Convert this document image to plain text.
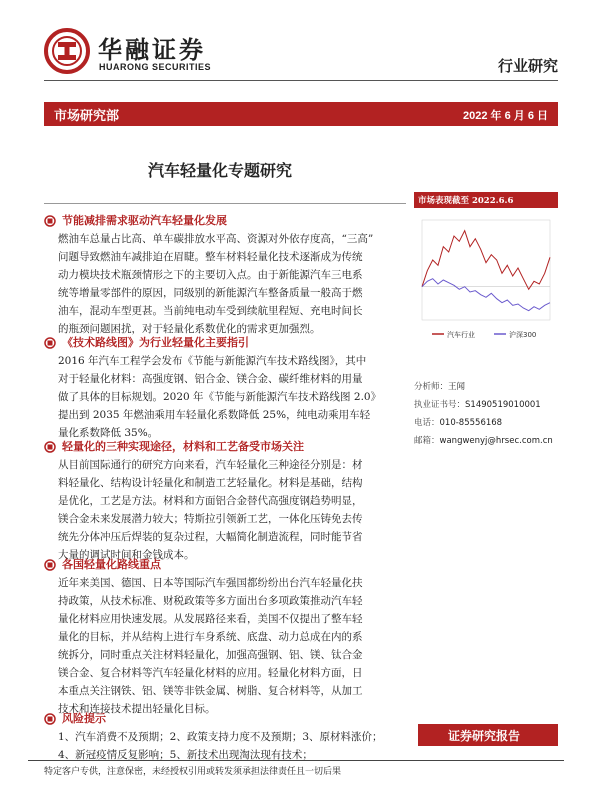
华融证券
HUARONG SECURITIES	行业研究
市场研究部	2022 年 6 月 6 日
汽车轻量化专题研究
节能减排需求驱动汽车轻量化发展
燃油车总量占比高、单车碳排放水平高、资源对外依存度高，“三高”
问题导致燃油车减排迫在眉睫。整车材料轻量化技术逐渐成为传统
动力模块技术瓶颈情形之下的主要切入点。由于新能源汽车三电系
统等增量零部件的原因，同级别的新能源汽车整备质量一般高于燃
油车，混动车型更甚。当前纯电动车受到续航里程短、充电时间长
的瓶颈问题困扰，对于轻量化系数优化的需求更加强烈。
《技术路线图》为行业轻量化主要指引
2016 年汽车工程学会发布《节能与新能源汽车技术路线图》，其中
对于轻量化材料：高强度钢、铝合金、镁合金、碳纤维材料的用量
做了具体的目标规划。2020 年《节能与新能源汽车技术路线图 2.0》
提出到 2035 年燃油乘用车轻量化系数降低 25%，纯电动乘用车轻
量化系数降低 35%。
轻量化的三种实现途径，材料和工艺备受市场关注
从目前国际通行的研究方向来看，汽车轻量化三种途径分别是：材
料轻量化、结构设计轻量化和制造工艺轻量化。材料是基础，结构
是优化，工艺是方法。材料和方面铝合金替代高强度钢趋势明显，
镁合金未来发展潜力较大；特斯拉引领新工艺，一体化压铸免去传
统先分体冲压后焊装的复杂过程，大幅简化制造流程，同时能节省
大量的调试时间和金钱成本。
各国轻量化路线重点
近年来美国、德国、日本等国际汽车强国都纷纷出台汽车轻量化扶
持政策，从技术标准、财税政策等多方面出台多项政策推动汽车轻
量化材料应用快速发展。从发展路径来看，美国不仅提出了整车轻
量化的目标，并从结构上进行车身系统、底盘、动力总成在内的系
统拆分，同时重点关注材料轻量化，加强高强钢、铝、镁、钛合金
镁合金、复合材料等汽车轻量化材料的应用。轻量化材料方面，日
本重点关注钢铁、铝、镁等非铁金属、树脂、复合材料等，从加工
技术和连接技术提出轻量化目标。
风险提示
1、汽车消费不及预期；2、政策支持力度不及预期；3、原材料涨价；
4、新冠疫情反复影响；5、新技术出现淘汰现有技术；
市场表现截至 2022.6.6
汽车行业	沪深300
分析师：王闻
执业证书号：S1490519010001
电话：010-85556168
邮箱：wangwenyj@hrsec.com.cn
证券研究报告
特定客户专供，注意保密，未经授权引用或转发须承担法律责任且一切后果
